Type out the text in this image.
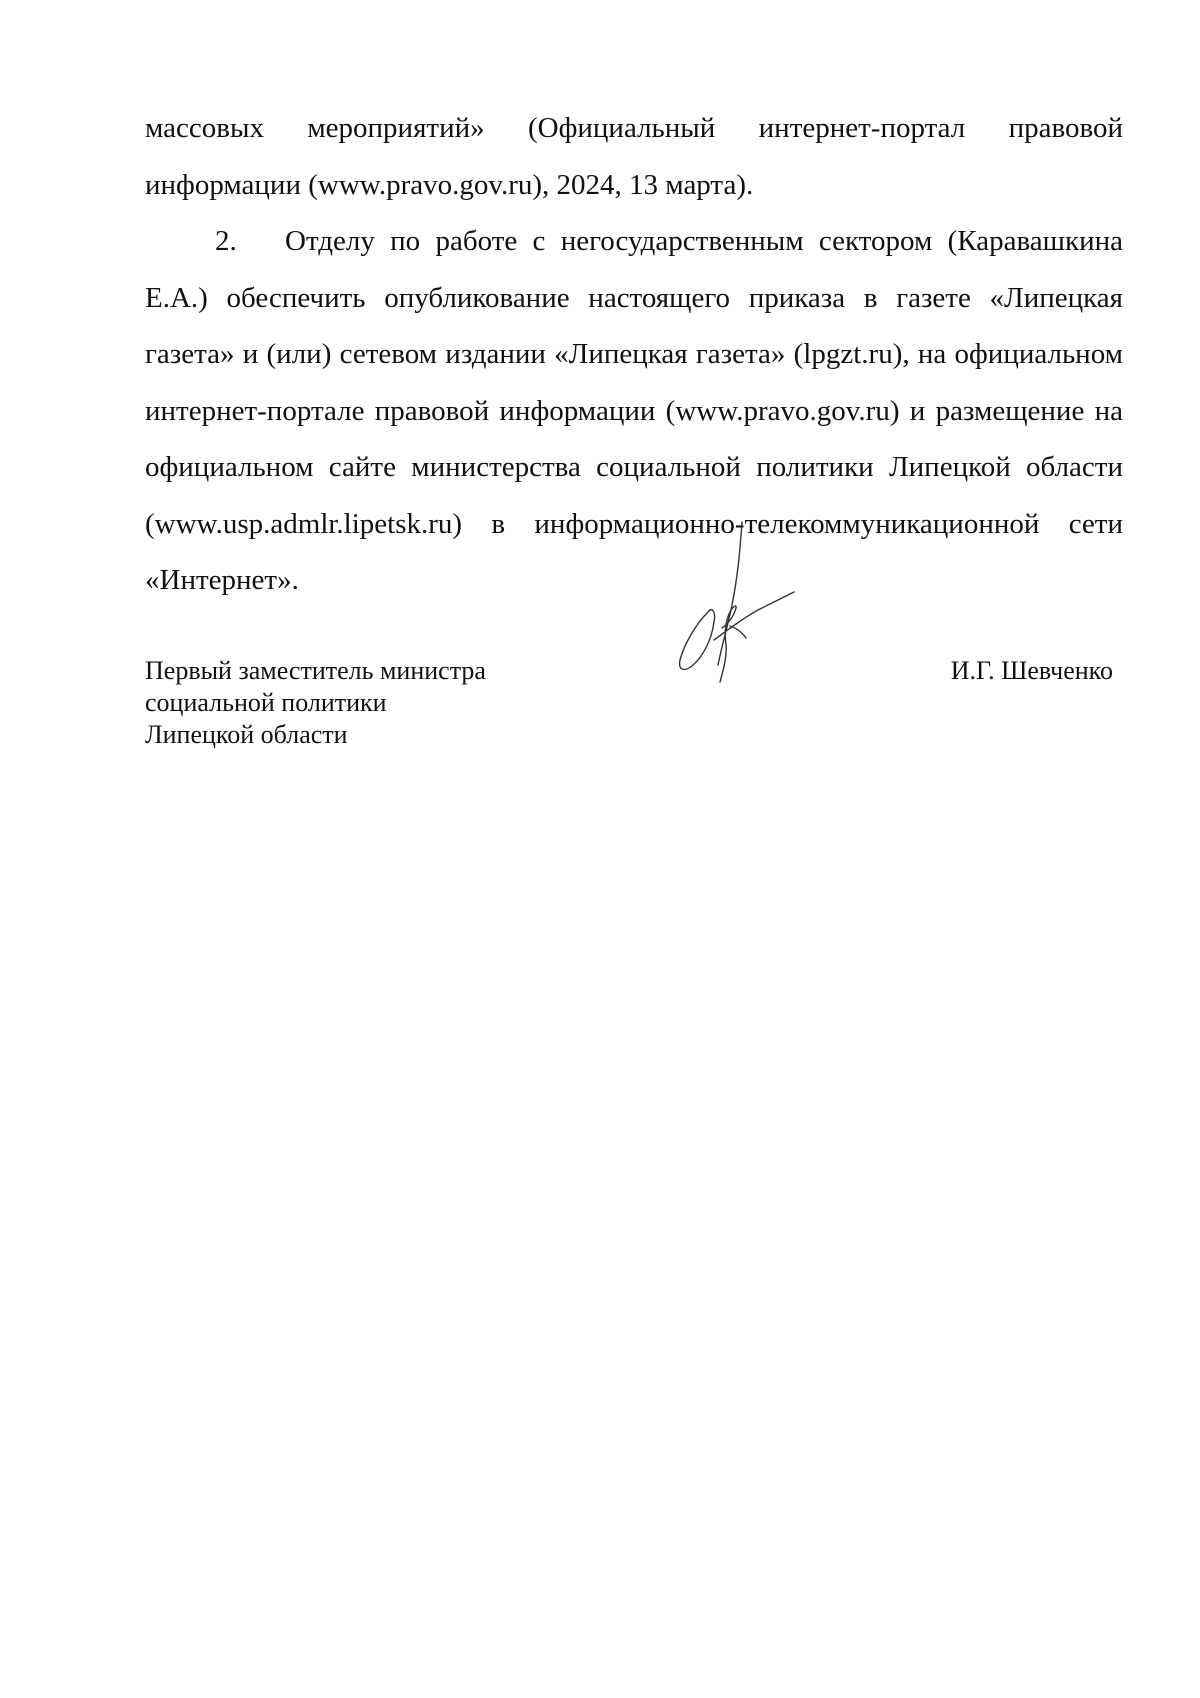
массовых мероприятий» (Официальный интернет-портал правовой информации (www.pravo.gov.ru), 2024, 13 марта).

2. Отделу по работе с негосударственным сектором (Каравашкина Е.А.) обеспечить опубликование настоящего приказа в газете «Липецкая газета» и (или) сетевом издании «Липецкая газета» (lpgzt.ru), на официальном интернет-портале правовой информации (www.pravo.gov.ru) и размещение на официальном сайте министерства социальной политики Липецкой области (www.usp.admlr.lipetsk.ru) в информационно-телекоммуникационной сети «Интернет».

Первый заместитель министра
социальной политики
Липецкой области
И.Г. Шевченко
